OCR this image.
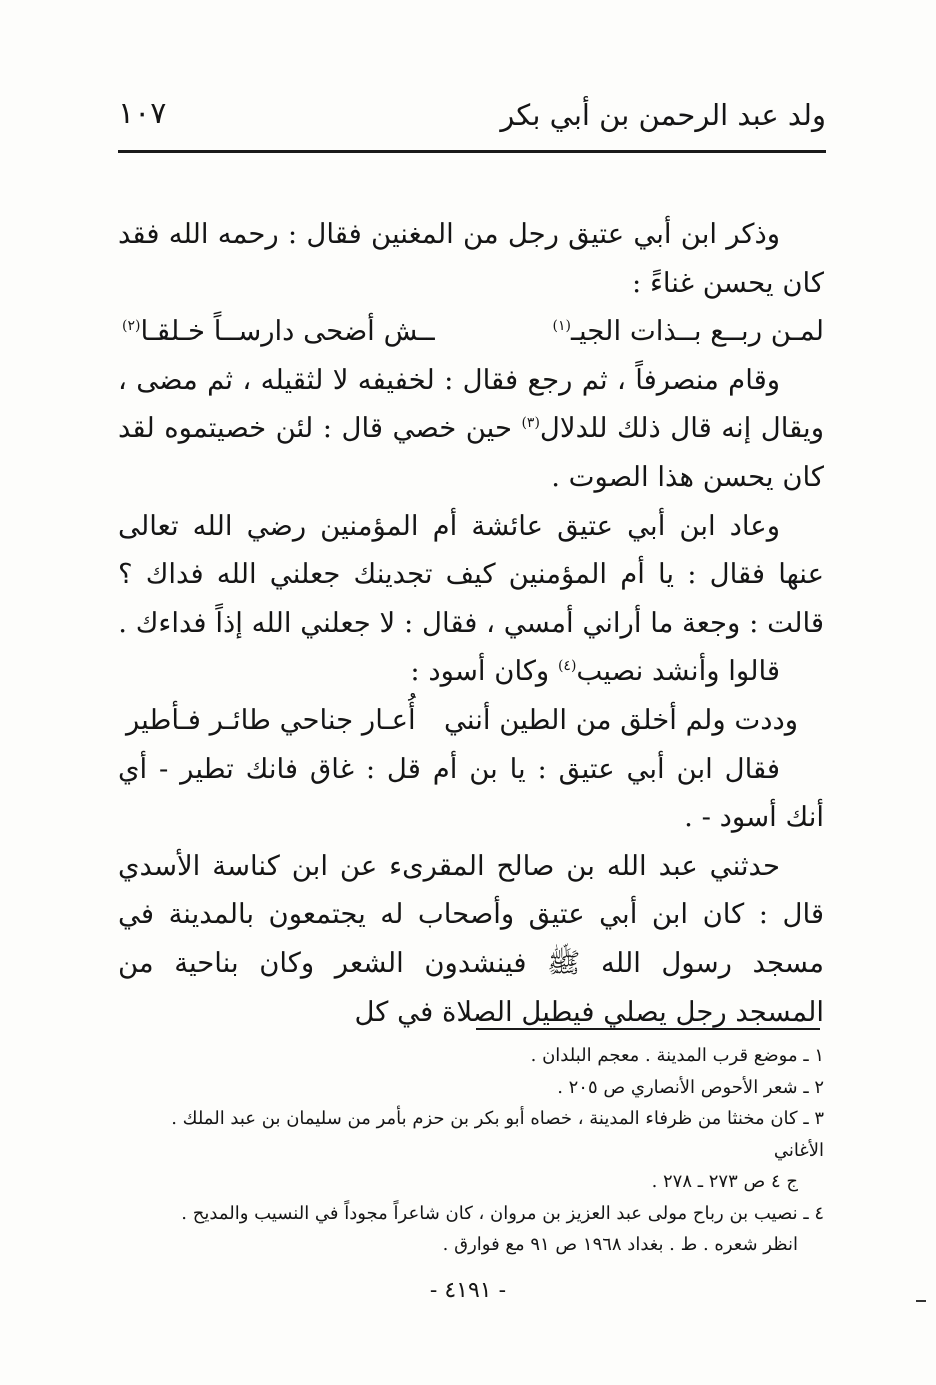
ولد عبد الرحمن بن أبي بكر
١٠٧

وذكر ابن أبي عتيق رجل من المغنين فقال : رحمه الله فقد كان يحسن غناءً :

لمـن ربــع بــذات الجيـ$^{(١)}$
ــش أضحى دارســاً خـلقـا$^{(٢)}$

وقام منصرفاً ، ثم رجع فقال : لخفيفه لا لثقيله ، ثم مضى ، ويقال إنه قال ذلك للدلال$^{(٣)}$ حين خصي قال : لئن خصيتموه لقد كان يحسن هذا الصوت .

وعاد ابن أبي عتيق عائشة أم المؤمنين رضي الله تعالى عنها فقال : يا أم المؤمنين كيف تجدينك جعلني الله فداك ؟ قالت : وجعة ما أراني أمسي ، فقال : لا جعلني الله إذاً فداءك .

قالوا وأنشد نصيب$^{(٤)}$ وكان أسود :

وددت ولم أخلق من الطين أنني
أُعـار جناحي طائـر فـأطير

فقال ابن أبي عتيق : يا بن أم قل : غاق فانك تطير - أي أنك أسود - .

حدثني عبد الله بن صالح المقرىء عن ابن كناسة الأسدي قال : كان ابن أبي عتيق وأصحاب له يجتمعون بالمدينة في مسجد رسول الله ﷺ فينشدون الشعر وكان بناحية من المسجد رجل يصلي فيطيل الصلاة في كل

١ ـ موضع قرب المدينة . معجم البلدان .

٢ ـ شعر الأحوص الأنصاري ص ٢٠٥ .

٣ ـ كان مخنثا من ظرفاء المدينة ، خصاه أبو بكر بن حزم بأمر من سليمان بن عبد الملك . الأغاني
ج ٤ ص ٢٧٣ ـ ٢٧٨ .

٤ ـ نصيب بن رباح مولى عبد العزيز بن مروان ، كان شاعراً مجوداً في النسيب والمديح .
انظر شعره . ط . بغداد ١٩٦٨ ص ٩١ مع فوارق .

- ٤١٩١ -
